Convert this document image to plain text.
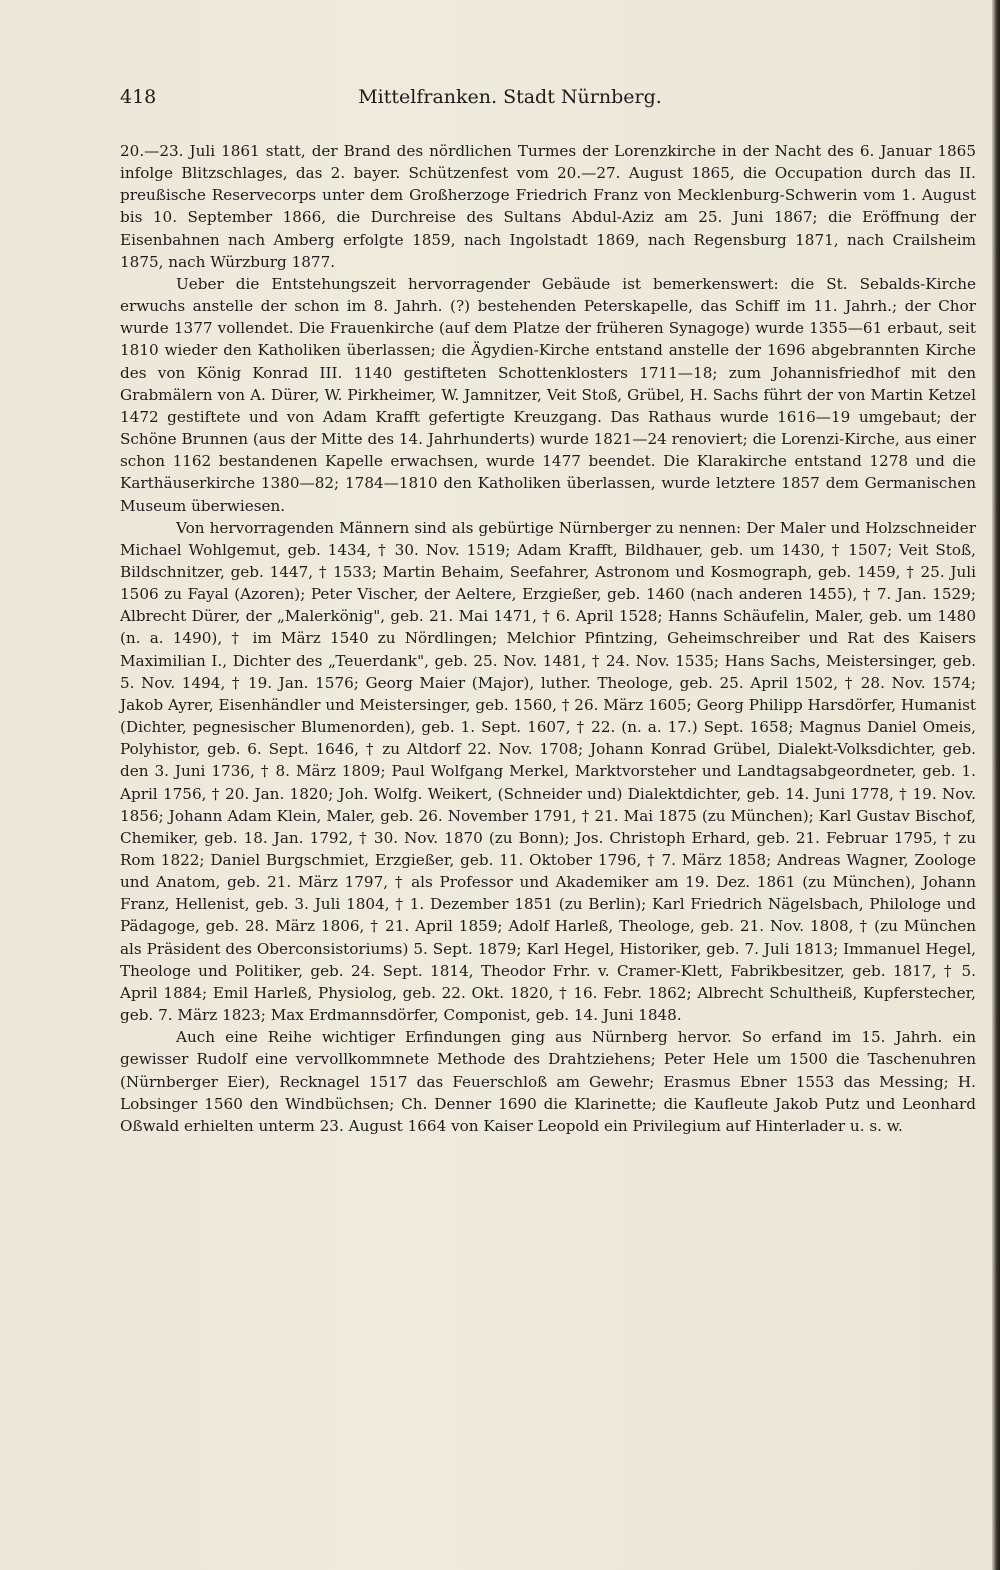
418	Mittelfranken. Stadt Nürnberg.

20.—23. Juli 1861 statt, der Brand des nördlichen Turmes der Lorenzkirche in der Nacht des 6. Januar 1865 infolge Blitzschlages, das 2. bayer. Schützenfest vom 20.—27. August 1865, die Occupation durch das II. preußische Reservecorps unter dem Großherzoge Friedrich Franz von Mecklenburg-Schwerin vom 1. August bis 10. September 1866, die Durchreise des Sultans Abdul-Aziz am 25. Juni 1867; die Eröffnung der Eisenbahnen nach Amberg erfolgte 1859, nach Ingolstadt 1869, nach Regensburg 1871, nach Crailsheim 1875, nach Würzburg 1877.

Ueber die Entstehungszeit hervorragender Gebäude ist bemerkenswert: die St. Sebalds-Kirche erwuchs anstelle der schon im 8. Jahrh. (?) bestehenden Peterskapelle, das Schiff im 11. Jahrh.; der Chor wurde 1377 vollendet. Die Frauenkirche (auf dem Platze der früheren Synagoge) wurde 1355—61 erbaut, seit 1810 wieder den Katholiken überlassen; die Ägydien-Kirche entstand anstelle der 1696 abgebrannten Kirche des von König Konrad III. 1140 gestifteten Schottenklosters 1711—18; zum Johannisfriedhof mit den Grabmälern von A. Dürer, W. Pirkheimer, W. Jamnitzer, Veit Stoß, Grübel, H. Sachs führt der von Martin Ketzel 1472 gestiftete und von Adam Krafft gefertigte Kreuzgang. Das Rathaus wurde 1616—19 umgebaut; der Schöne Brunnen (aus der Mitte des 14. Jahrhunderts) wurde 1821—24 renoviert; die Lorenzi-Kirche, aus einer schon 1162 bestandenen Kapelle erwachsen, wurde 1477 beendet. Die Klarakirche entstand 1278 und die Karthäuserkirche 1380—82; 1784—1810 den Katholiken überlassen, wurde letztere 1857 dem Germanischen Museum überwiesen.

Von hervorragenden Männern sind als gebürtige Nürnberger zu nennen: Der Maler und Holzschneider Michael Wohlgemut, geb. 1434, † 30. Nov. 1519; Adam Krafft, Bildhauer, geb. um 1430, † 1507; Veit Stoß, Bildschnitzer, geb. 1447, † 1533; Martin Behaim, Seefahrer, Astronom und Kosmograph, geb. 1459, † 25. Juli 1506 zu Fayal (Azoren); Peter Vischer, der Aeltere, Erzgießer, geb. 1460 (nach anderen 1455), † 7. Jan. 1529; Albrecht Dürer, der „Malerkönig", geb. 21. Mai 1471, † 6. April 1528; Hanns Schäufelin, Maler, geb. um 1480 (n. a. 1490), † im März 1540 zu Nördlingen; Melchior Pfintzing, Geheimschreiber und Rat des Kaisers Maximilian I., Dichter des „Teuerdank", geb. 25. Nov. 1481, † 24. Nov. 1535; Hans Sachs, Meistersinger, geb. 5. Nov. 1494, † 19. Jan. 1576; Georg Maier (Major), luther. Theologe, geb. 25. April 1502, † 28. Nov. 1574; Jakob Ayrer, Eisenhändler und Meistersinger, geb. 1560, † 26. März 1605; Georg Philipp Harsdörfer, Humanist (Dichter, pegnesischer Blumenorden), geb. 1. Sept. 1607, † 22. (n. a. 17.) Sept. 1658; Magnus Daniel Omeis, Polyhistor, geb. 6. Sept. 1646, † zu Altdorf 22. Nov. 1708; Johann Konrad Grübel, Dialekt-Volksdichter, geb. den 3. Juni 1736, † 8. März 1809; Paul Wolfgang Merkel, Marktvorsteher und Landtagsabgeordneter, geb. 1. April 1756, † 20. Jan. 1820; Joh. Wolfg. Weikert, (Schneider und) Dialektdichter, geb. 14. Juni 1778, † 19. Nov. 1856; Johann Adam Klein, Maler, geb. 26. November 1791, † 21. Mai 1875 (zu München); Karl Gustav Bischof, Chemiker, geb. 18. Jan. 1792, † 30. Nov. 1870 (zu Bonn); Jos. Christoph Erhard, geb. 21. Februar 1795, † zu Rom 1822; Daniel Burgschmiet, Erzgießer, geb. 11. Oktober 1796, † 7. März 1858; Andreas Wagner, Zoologe und Anatom, geb. 21. März 1797, † als Professor und Akademiker am 19. Dez. 1861 (zu München), Johann Franz, Hellenist, geb. 3. Juli 1804, † 1. Dezember 1851 (zu Berlin); Karl Friedrich Nägelsbach, Philologe und Pädagoge, geb. 28. März 1806, † 21. April 1859; Adolf Harleß, Theologe, geb. 21. Nov. 1808, † (zu München als Präsident des Oberconsistoriums) 5. Sept. 1879; Karl Hegel, Historiker, geb. 7. Juli 1813; Immanuel Hegel, Theologe und Politiker, geb. 24. Sept. 1814, Theodor Frhr. v. Cramer-Klett, Fabrikbesitzer, geb. 1817, † 5. April 1884; Emil Harleß, Physiolog, geb. 22. Okt. 1820, † 16. Febr. 1862; Albrecht Schultheiß, Kupferstecher, geb. 7. März 1823; Max Erdmannsdörfer, Componist, geb. 14. Juni 1848.

Auch eine Reihe wichtiger Erfindungen ging aus Nürnberg hervor. So erfand im 15. Jahrh. ein gewisser Rudolf eine vervollkommnete Methode des Drahtziehens; Peter Hele um 1500 die Taschenuhren (Nürnberger Eier), Recknagel 1517 das Feuerschloß am Gewehr; Erasmus Ebner 1553 das Messing; H. Lobsinger 1560 den Windbüchsen; Ch. Denner 1690 die Klarinette; die Kaufleute Jakob Putz und Leonhard Oßwald erhielten unterm 23. August 1664 von Kaiser Leopold ein Privilegium auf Hinterlader u. s. w.
